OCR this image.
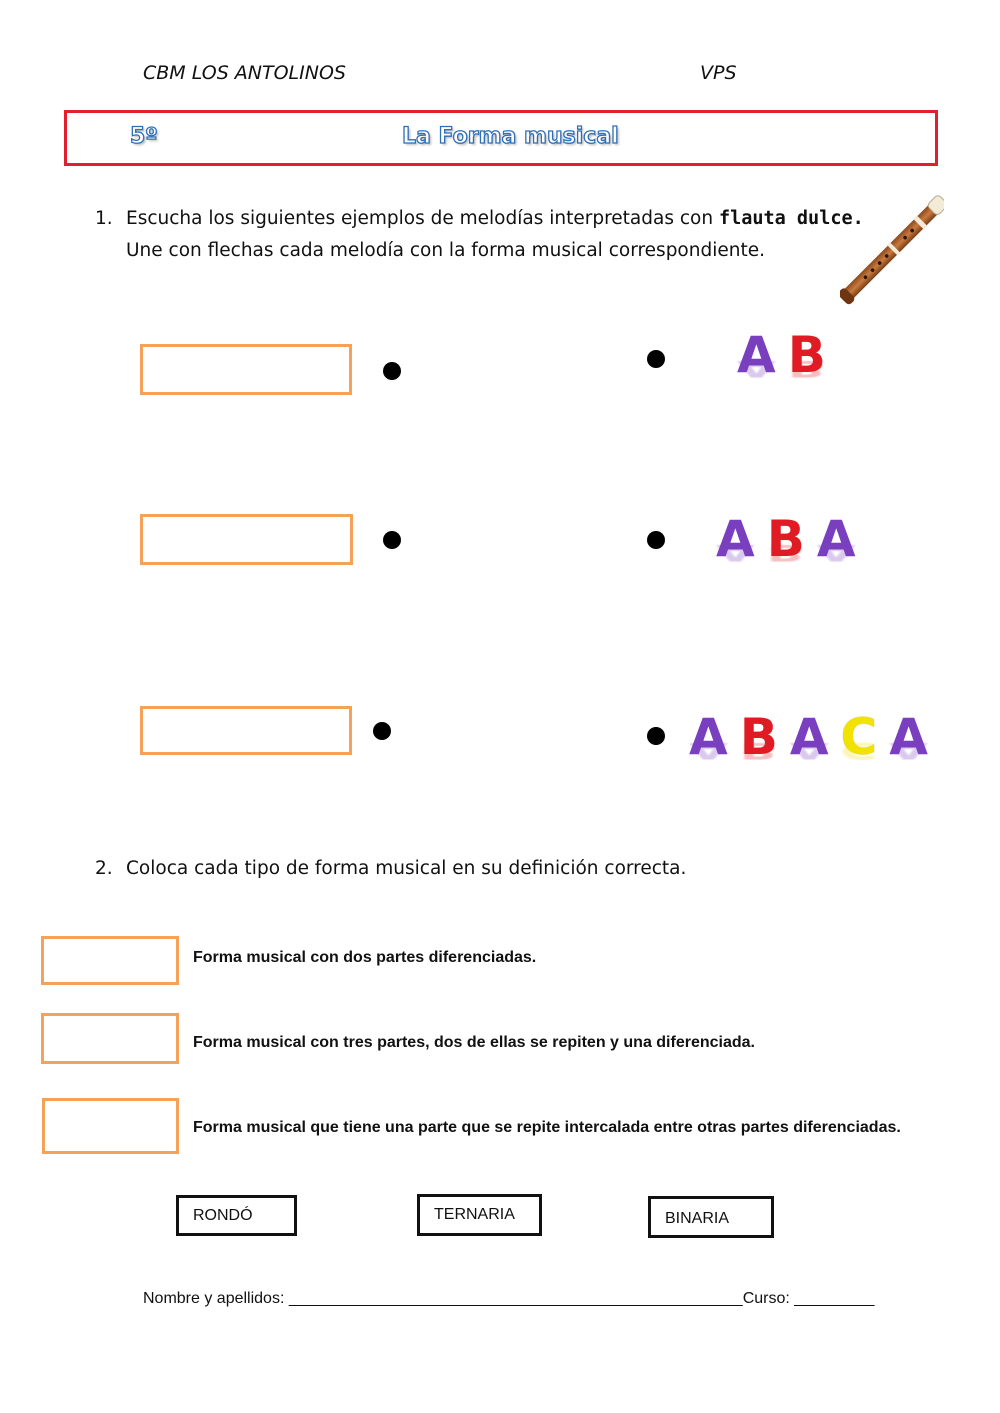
CBM LOS ANTOLINOS	VPS
5º	La Forma musical
1. Escucha los siguientes ejemplos de melodías interpretadas con flauta dulce.
Une con flechas cada melodía con la forma musical correspondiente.
A A B B
A A B B A A
A A B B A A C C A A
2. Coloca cada tipo de forma musical en su definición correcta.
Forma musical con dos partes diferenciadas.
Forma musical con tres partes, dos de ellas se repiten y una diferenciada.
Forma musical que tiene una parte que se repite intercalada entre otras partes diferenciadas.
RONDÓ	TERNARIA	BINARIA
Nombre y apellidos: ___________________________________________________Curso: _________
